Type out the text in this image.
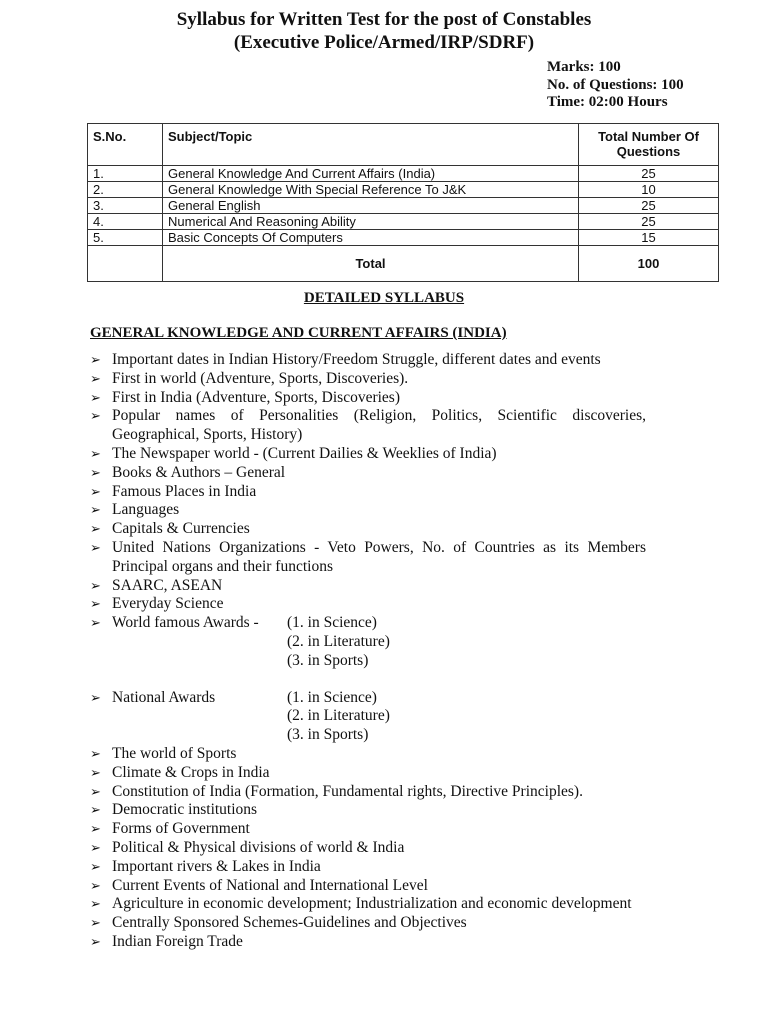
Syllabus for Written Test for the post of Constables
(Executive Police/Armed/IRP/SDRF)
Marks: 100
No. of Questions: 100
Time: 02:00 Hours
S.No.	Subject/Topic	Total Number Of Questions
1.	General Knowledge And Current Affairs (India)	25
2.	General Knowledge With Special Reference To J&K	10
3.	General English	25
4.	Numerical And Reasoning Ability	25
5.	Basic Concepts Of Computers	15
	Total	100
DETAILED SYLLABUS
GENERAL KNOWLEDGE AND CURRENT AFFAIRS (INDIA)
➢ Important dates in Indian History/Freedom Struggle, different dates and events
➢ First in world (Adventure, Sports, Discoveries).
➢ First in India (Adventure, Sports, Discoveries)
➢ Popular names of Personalities (Religion, Politics, Scientific discoveries, Geographical, Sports, History)
➢ The Newspaper world - (Current Dailies & Weeklies of India)
➢ Books & Authors – General
➢ Famous Places in India
➢ Languages
➢ Capitals & Currencies
➢ United Nations Organizations - Veto Powers, No. of Countries as its Members Principal organs and their functions
➢ SAARC, ASEAN
➢ Everyday Science
➢ World famous Awards -	(1. in Science)
(2. in Literature)
(3. in Sports)
➢ National Awards	(1. in Science)
(2. in Literature)
(3. in Sports)
➢ The world of Sports
➢ Climate & Crops in India
➢ Constitution of India (Formation, Fundamental rights, Directive Principles).
➢ Democratic institutions
➢ Forms of Government
➢ Political & Physical divisions of world & India
➢ Important rivers & Lakes in India
➢ Current Events of National and International Level
➢ Agriculture in economic development; Industrialization and economic development
➢ Centrally Sponsored Schemes-Guidelines and Objectives
➢ Indian Foreign Trade
